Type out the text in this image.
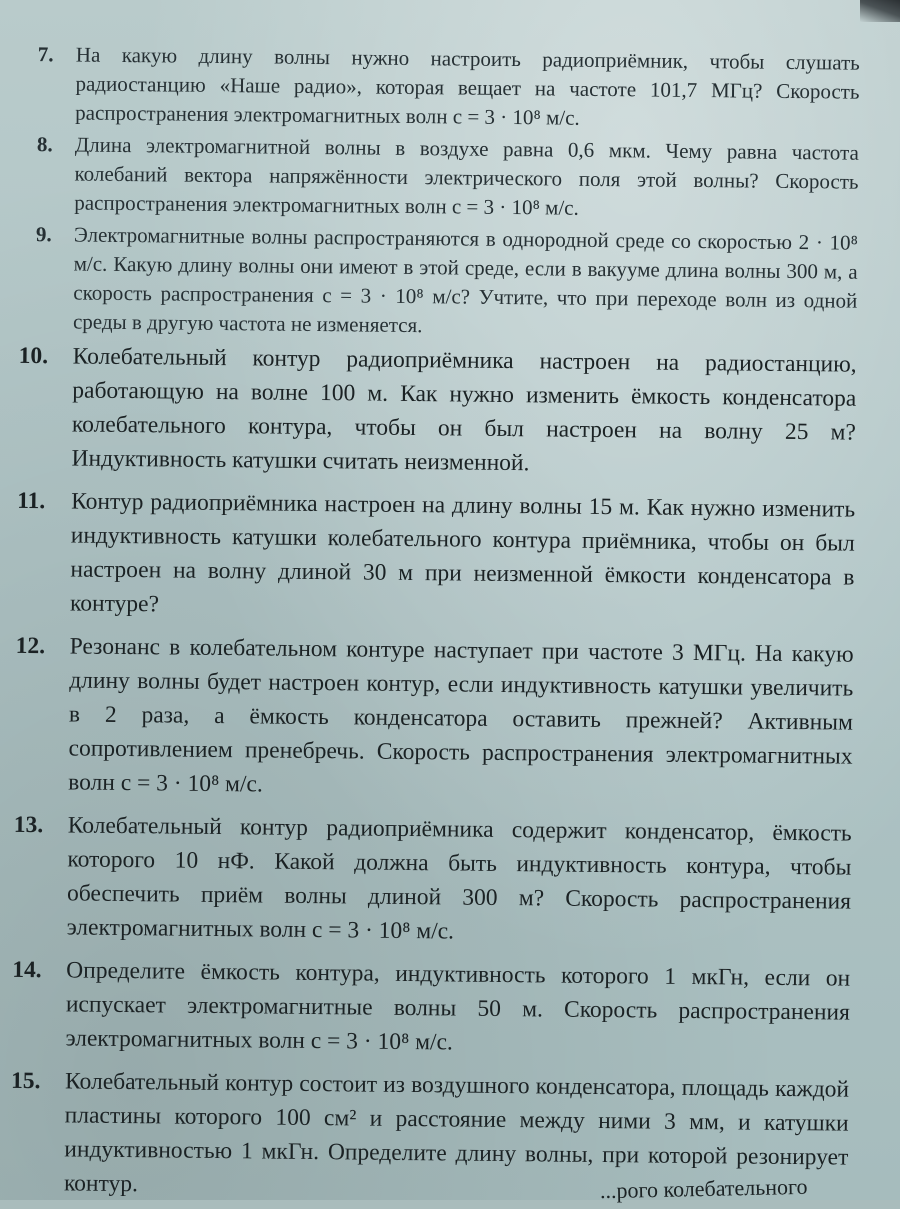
7.	На какую длину волны нужно настроить радиоприёмник, чтобы слушать радиостанцию «Наше радио», которая вещает на частоте 101,7 МГц? Скорость распространения электромагнитных волн c = 3 · 10⁸ м/с.
8.	Длина электромагнитной волны в воздухе равна 0,6 мкм. Чему равна частота колебаний вектора напряжённости электрического поля этой волны? Скорость распространения электромагнитных волн c = 3 · 10⁸ м/с.
9.	Электромагнитные волны распространяются в однородной среде со скоростью 2 · 10⁸ м/с. Какую длину волны они имеют в этой среде, если в вакууме длина волны 300 м, а скорость распространения c = 3 · 10⁸ м/с? Учтите, что при переходе волн из одной среды в другую частота не изменяется.
10.	Колебательный контур радиоприёмника настроен на радиостанцию, работающую на волне 100 м. Как нужно изменить ёмкость конденсатора колебательного контура, чтобы он был настроен на волну 25 м? Индуктивность катушки считать неизменной.
11.	Контур радиоприёмника настроен на длину волны 15 м. Как нужно изменить индуктивность катушки колебательного контура приёмника, чтобы он был настроен на волну длиной 30 м при неизменной ёмкости конденсатора в контуре?
12.	Резонанс в колебательном контуре наступает при частоте 3 МГц. На какую длину волны будет настроен контур, если индуктивность катушки увеличить в 2 раза, а ёмкость конденсатора оставить прежней? Активным сопротивлением пренебречь. Скорость распространения электромагнитных волн c = 3 · 10⁸ м/с.
13.	Колебательный контур радиоприёмника содержит конденсатор, ёмкость которого 10 нФ. Какой должна быть индуктивность контура, чтобы обеспечить приём волны длиной 300 м? Скорость распространения электромагнитных волн c = 3 · 10⁸ м/с.
14.	Определите ёмкость контура, индуктивность которого 1 мкГн, если он испускает электромагнитные волны 50 м. Скорость распространения электромагнитных волн c = 3 · 10⁸ м/с.
15.	Колебательный контур состоит из воздушного конденсатора, площадь каждой пластины которого 100 см² и расстояние между ними 3 мм, и катушки индуктивностью 1 мкГн. Определите длину волны, при которой резонирует контур.	...рого колебательного
